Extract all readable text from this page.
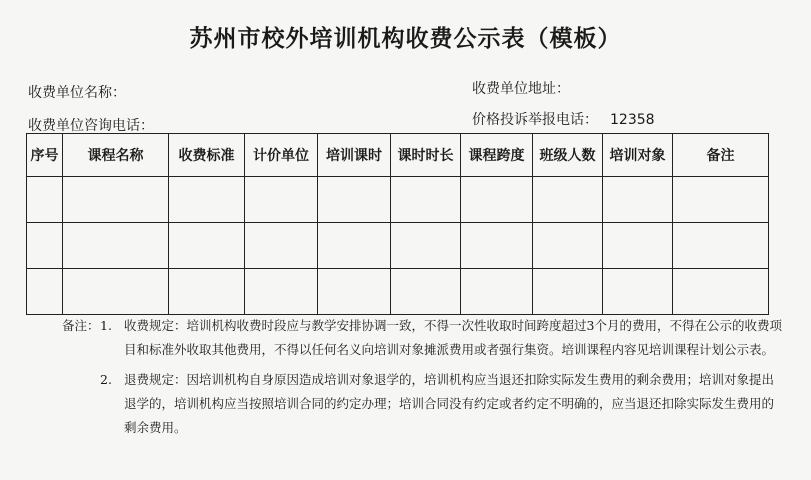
苏州市校外培训机构收费公示表（模板）
收费单位名称：	收费单位地址：
收费单位咨询电话：	价格投诉举报电话： 12358
序号	课程名称	收费标准	计价单位	培训课时	课时时长	课程跨度	班级人数	培训对象	备注

备注： 1. 收费规定：培训机构收费时段应与教学安排协调一致，不得一次性收取时间跨度超过3个月的费用，不得在公示的收费项目和标准外收取其他费用，不得以任何名义向培训对象摊派费用或者强行集资。培训课程内容见培训课程计划公示表。
2. 退费规定：因培训机构自身原因造成培训对象退学的，培训机构应当退还扣除实际发生费用的剩余费用；培训对象提出退学的，培训机构应当按照培训合同的约定办理；培训合同没有约定或者约定不明确的，应当退还扣除实际发生费用的剩余费用。
